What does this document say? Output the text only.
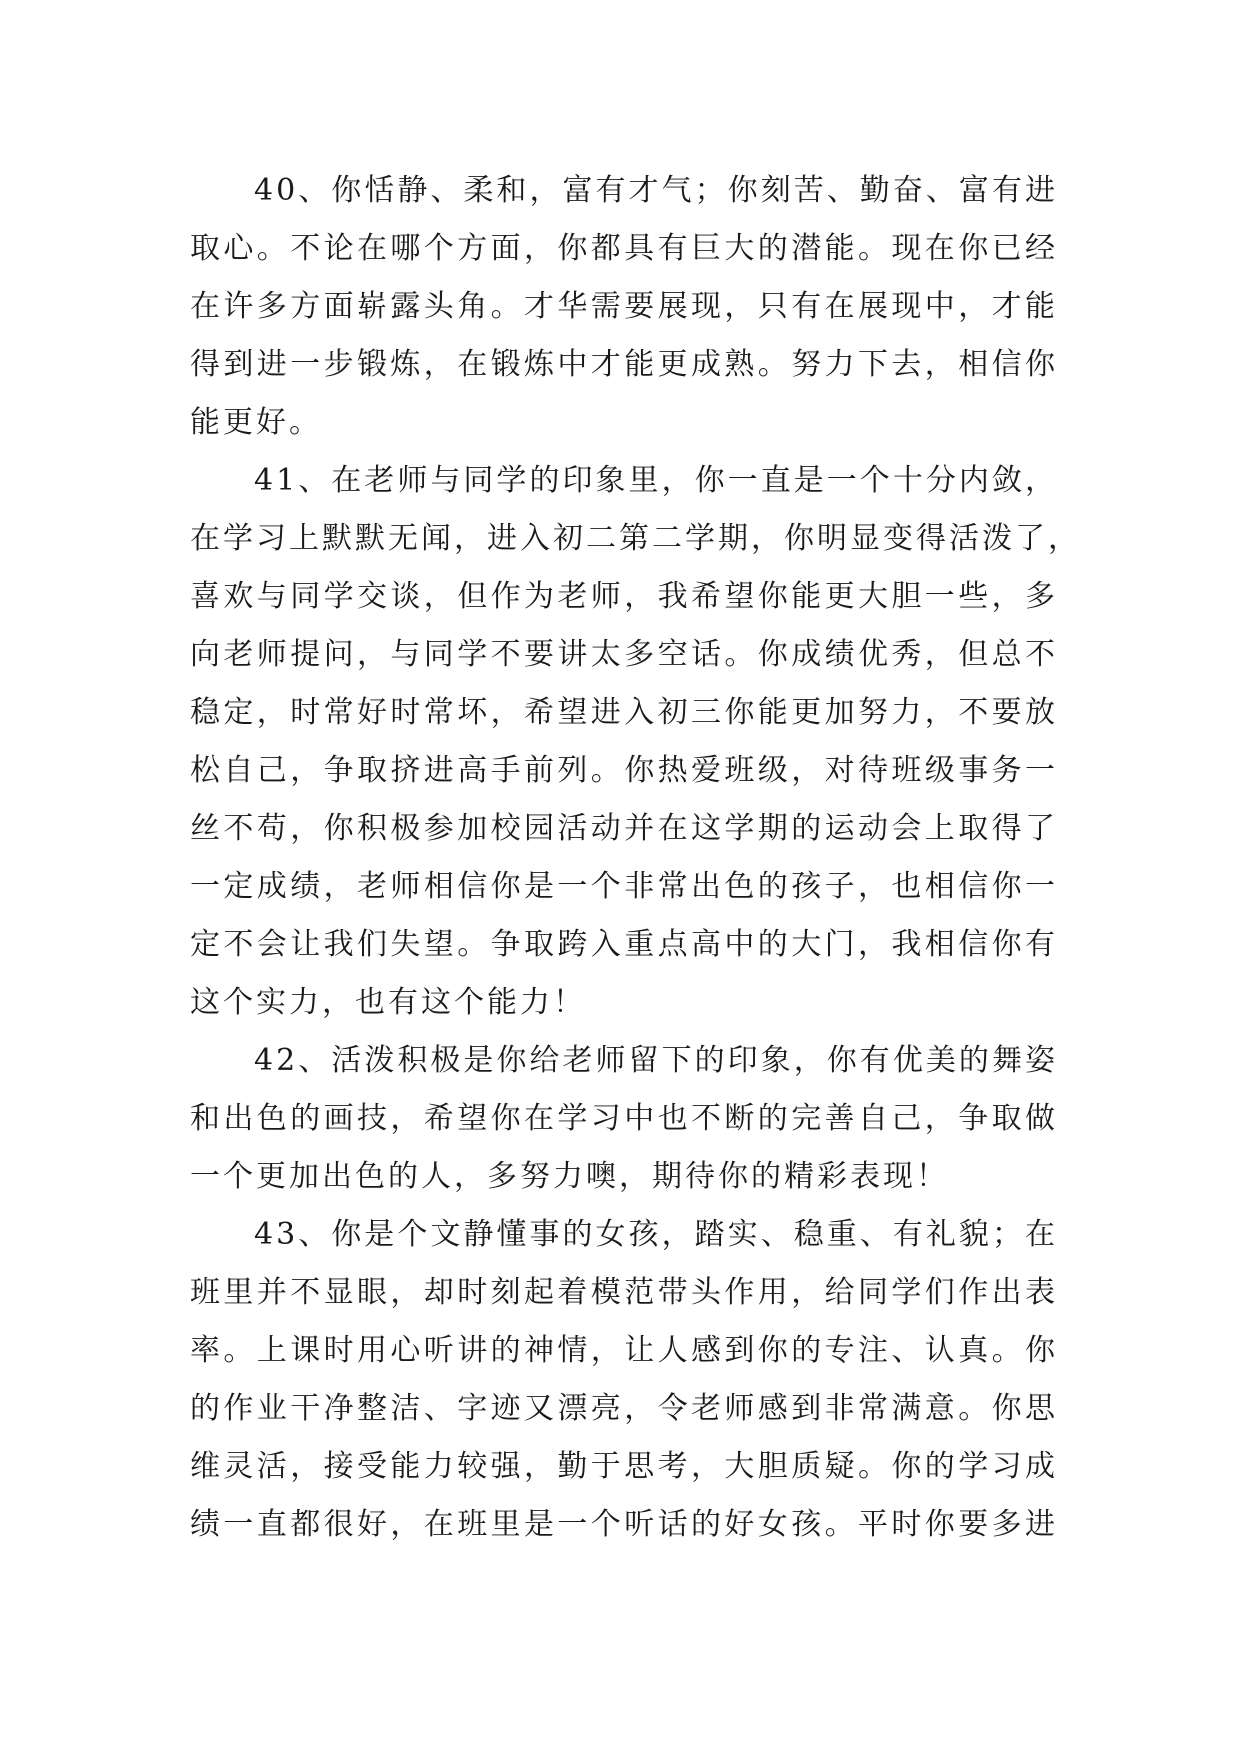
40、你恬静、柔和，富有才气；你刻苦、勤奋、富有进
取心。不论在哪个方面，你都具有巨大的潜能。现在你已经
在许多方面崭露头角。才华需要展现，只有在展现中，才能
得到进一步锻炼，在锻炼中才能更成熟。努力下去，相信你
能更好。
41、在老师与同学的印象里，你一直是一个十分内敛，
在学习上默默无闻，进入初二第二学期，你明显变得活泼了，
喜欢与同学交谈，但作为老师，我希望你能更大胆一些，多
向老师提问，与同学不要讲太多空话。你成绩优秀，但总不
稳定，时常好时常坏，希望进入初三你能更加努力，不要放
松自己，争取挤进高手前列。你热爱班级，对待班级事务一
丝不苟，你积极参加校园活动并在这学期的运动会上取得了
一定成绩，老师相信你是一个非常出色的孩子，也相信你一
定不会让我们失望。争取跨入重点高中的大门，我相信你有
这个实力，也有这个能力！
42、活泼积极是你给老师留下的印象，你有优美的舞姿
和出色的画技，希望你在学习中也不断的完善自己，争取做
一个更加出色的人，多努力噢，期待你的精彩表现！
43、你是个文静懂事的女孩，踏实、稳重、有礼貌；在
班里并不显眼，却时刻起着模范带头作用，给同学们作出表
率。上课时用心听讲的神情，让人感到你的专注、认真。你
的作业干净整洁、字迹又漂亮，令老师感到非常满意。你思
维灵活，接受能力较强，勤于思考，大胆质疑。你的学习成
绩一直都很好，在班里是一个听话的好女孩。平时你要多进
